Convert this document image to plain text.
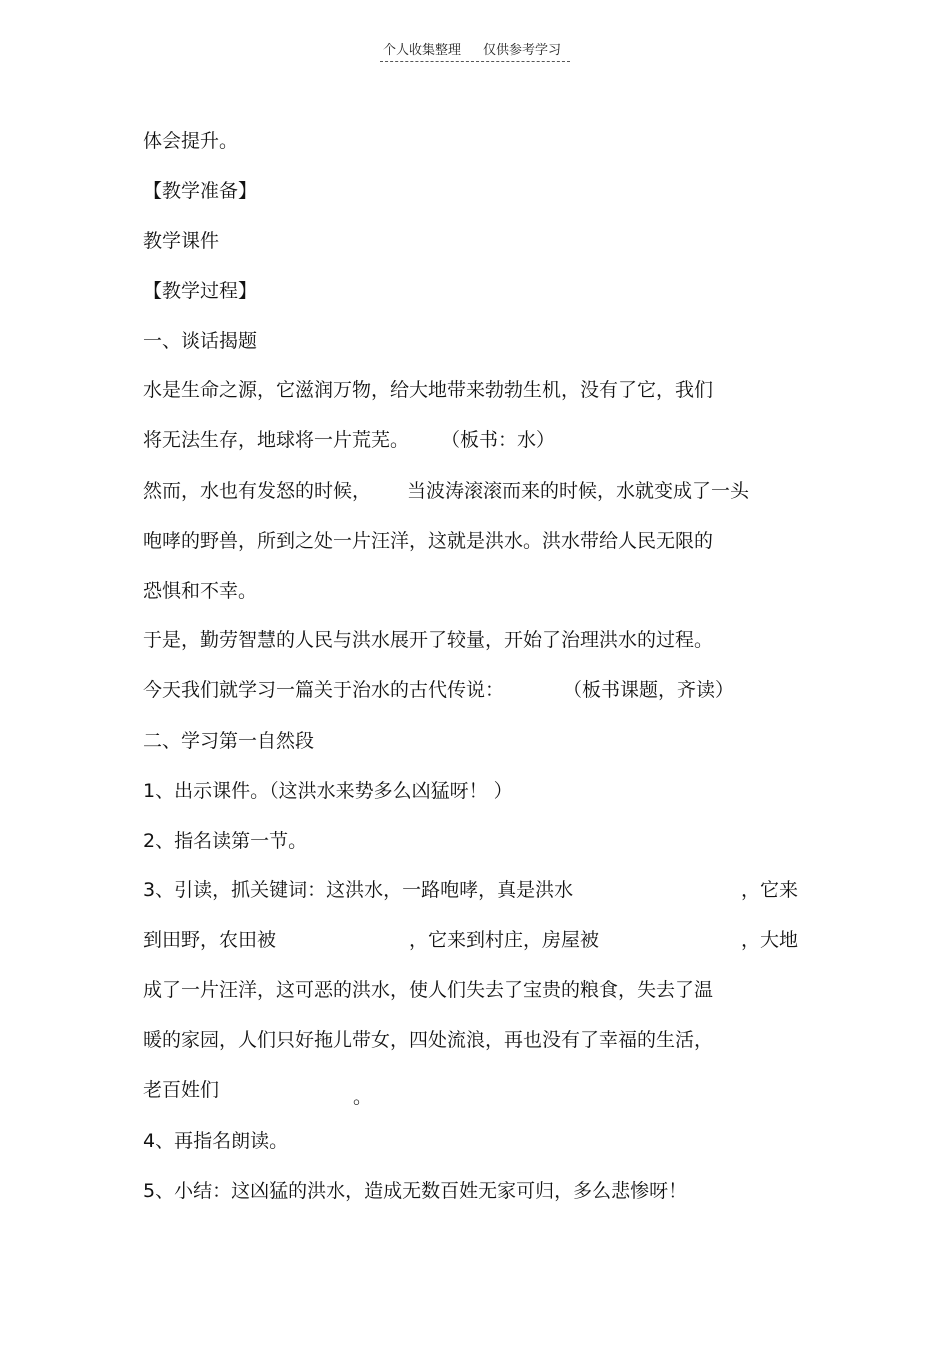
个人收集整理 仅供参考学习
体会提升。
【教学准备】
教学课件
【教学过程】
一、谈话揭题
水是生命之源，它滋润万物，给大地带来勃勃生机，没有了它，我们
将无法生存，地球将一片荒芜。 （板书：水）
然而，水也有发怒的时候， 当波涛滚滚而来的时候，水就变成了一头
咆哮的野兽，所到之处一片汪洋，这就是洪水。洪水带给人民无限的
恐惧和不幸。
于是，勤劳智慧的人民与洪水展开了较量，开始了治理洪水的过程。
今天我们就学习一篇关于治水的古代传说：	（板书课题，齐读）
二、学习第一自然段
1、出示课件。（这洪水来势多么凶猛呀！ ）
2、指名读第一节。
3、引读，抓关键词：这洪水，一路咆哮，真是洪水	，它来
到田野，农田被	，它来到村庄，房屋被	，大地
成了一片汪洋，这可恶的洪水，使人们失去了宝贵的粮食，失去了温
暖的家园，人们只好拖儿带女，四处流浪，再也没有了幸福的生活，
老百姓们	。
4、再指名朗读。
5、小结：这凶猛的洪水，造成无数百姓无家可归，多么悲惨呀！
